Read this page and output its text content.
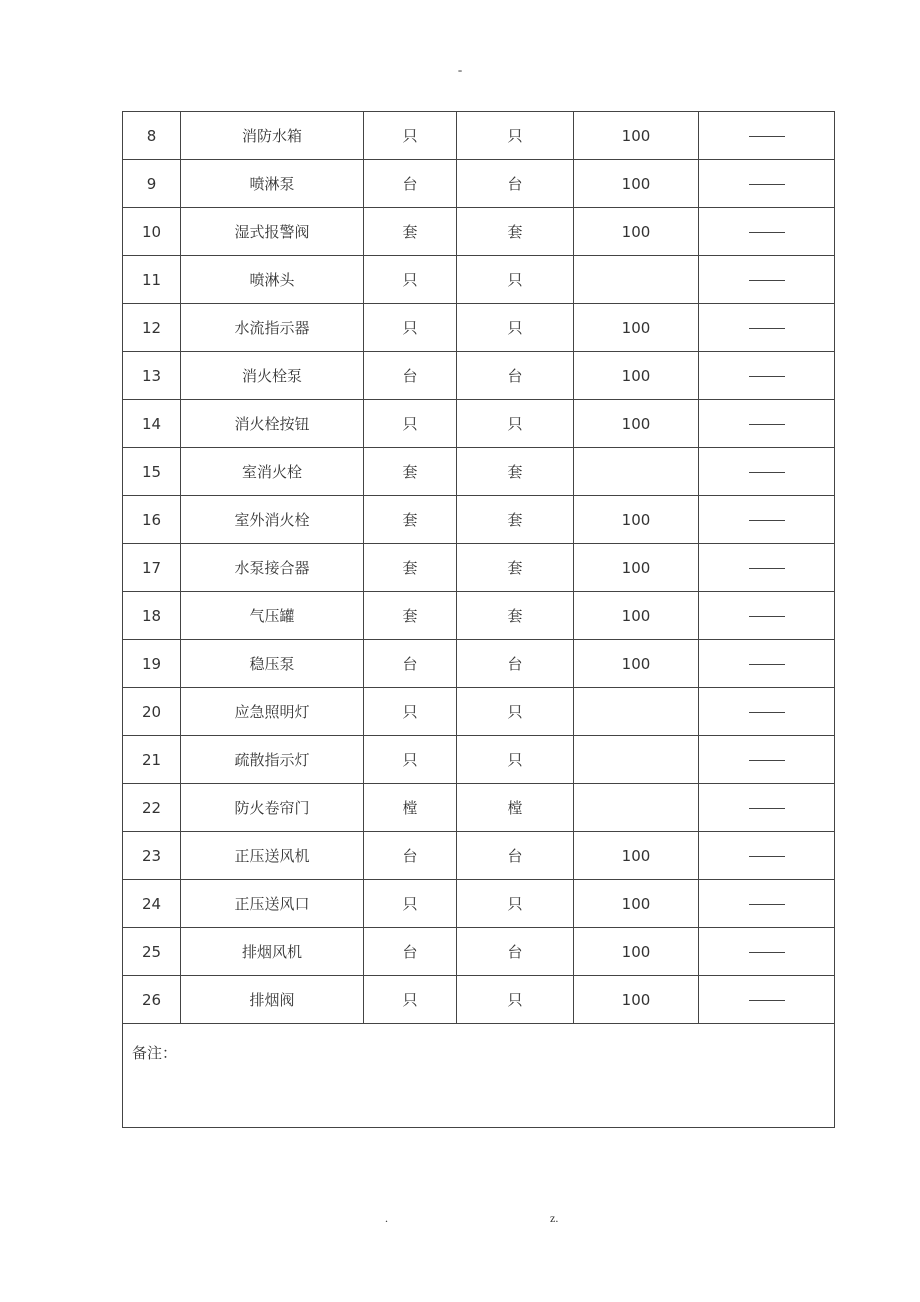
-
8	消防水箱	只	只	100	
9	喷淋泵	台	台	100	
10	湿式报警阀	套	套	100	
11	喷淋头	只	只		
12	水流指示器	只	只	100	
13	消火栓泵	台	台	100	
14	消火栓按钮	只	只	100	
15	室消火栓	套	套		
16	室外消火栓	套	套	100	
17	水泵接合器	套	套	100	
18	气压罐	套	套	100	
19	稳压泵	台	台	100	
20	应急照明灯	只	只		
21	疏散指示灯	只	只		
22	防火卷帘门	樘	樘		
23	正压送风机	台	台	100	
24	正压送风口	只	只	100	
25	排烟风机	台	台	100	
26	排烟阀	只	只	100	
备注：					
.	z.
